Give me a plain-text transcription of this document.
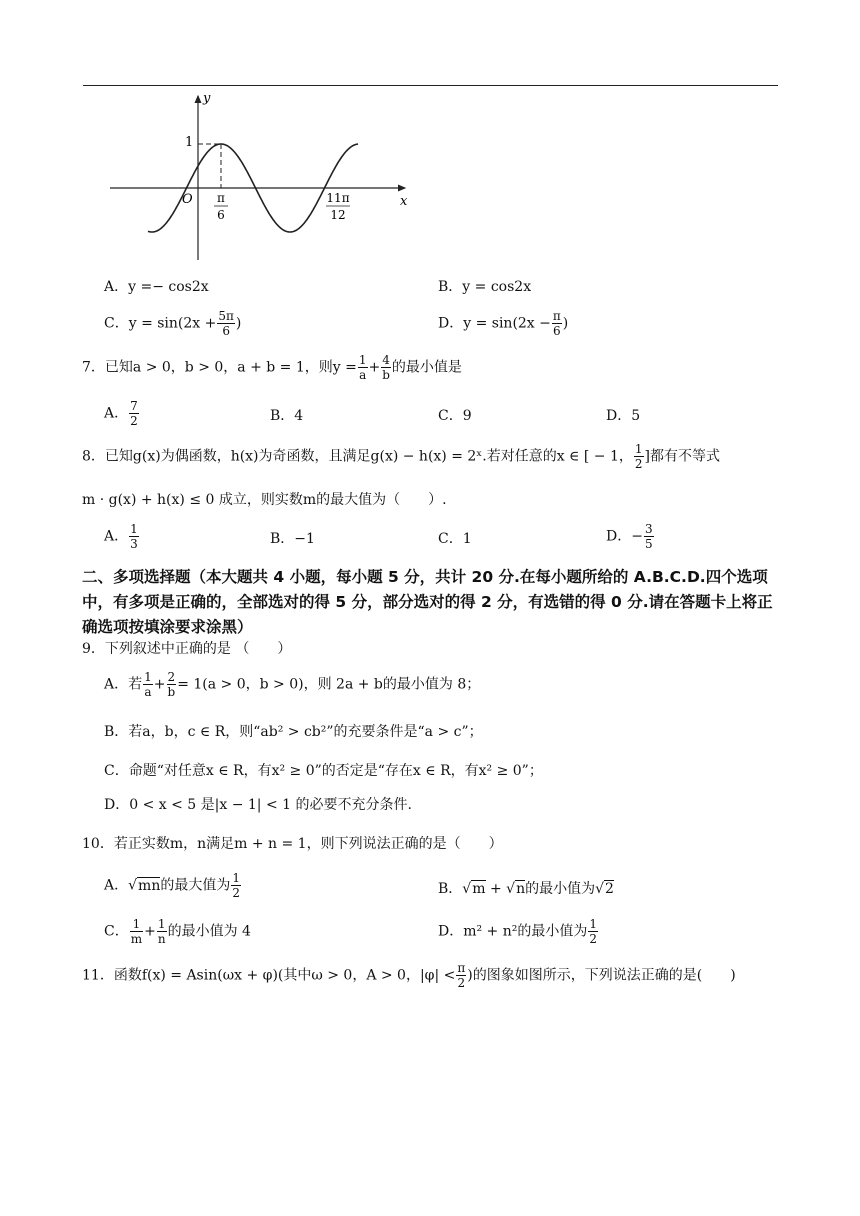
y
x
O
1
π
6
11π
12
A．y =− cos2x	B．y = cos2x
C．$y = \sin(2x + \frac{5\pi}{6}$ )	D．$y = \sin(2x - \frac{\pi}{6}$ )
7．已知a > 0，b > 0，a + b = 1，则$y = \frac{1}{a} + \frac{4}{b}$ 的最小值是
A． $\frac{7}{2}$	B．4	C．9	D．5
8．已知g(x)为偶函数，h(x)为奇函数，且满足g(x) − h(x) = 2ˣ.若对任意的x ∈ [ − 1， $\frac{1}{2}$ ]都有不等式
m · g(x) + h(x) ≤ 0 成立，则实数m的最大值为（　　）.
A． $\frac{1}{3}$	B．−1	C．1	D．− $\frac{3}{5}$
二、多项选择题（本大题共 4 小题，每小题 5 分，共计 20 分.在每小题所给的 A.B.C.D.四个选项中，有多项是正确的，全部选对的得 5 分，部分选对的得 2 分，有选错的得 0 分.请在答题卡上将正确选项按填涂要求涂黑）
9．下列叙述中正确的是 （　　）
A．若 $\frac{1}{a} + \frac{2}{b} = 1(a > 0$，b > 0)，则 2a + b的最小值为 8；
B．若a，b，c ∈ R，则“ab² > cb²”的充要条件是“a > c”；
C．命题“对任意x ∈ R，有x² ≥ 0”的否定是“存在x ∈ R，有x² ≥ 0”；
D．0 < x < 5 是|x − 1| < 1 的必要不充分条件.
10．若正实数m，n满足m + n = 1，则下列说法正确的是（　　）
A．√mn的最大值为 $\frac{1}{2}$	B．√m + √n的最小值为√2
C． $\frac{1}{m} + \frac{1}{n}$ 的最小值为 4	D．m² + n²的最小值为 $\frac{1}{2}$
11．函数f(x) = Asin(ωx + φ)(其中ω > 0，A > 0，$|\varphi| < \frac{\pi}{2}$ )的图象如图所示，下列说法正确的是(　　)
